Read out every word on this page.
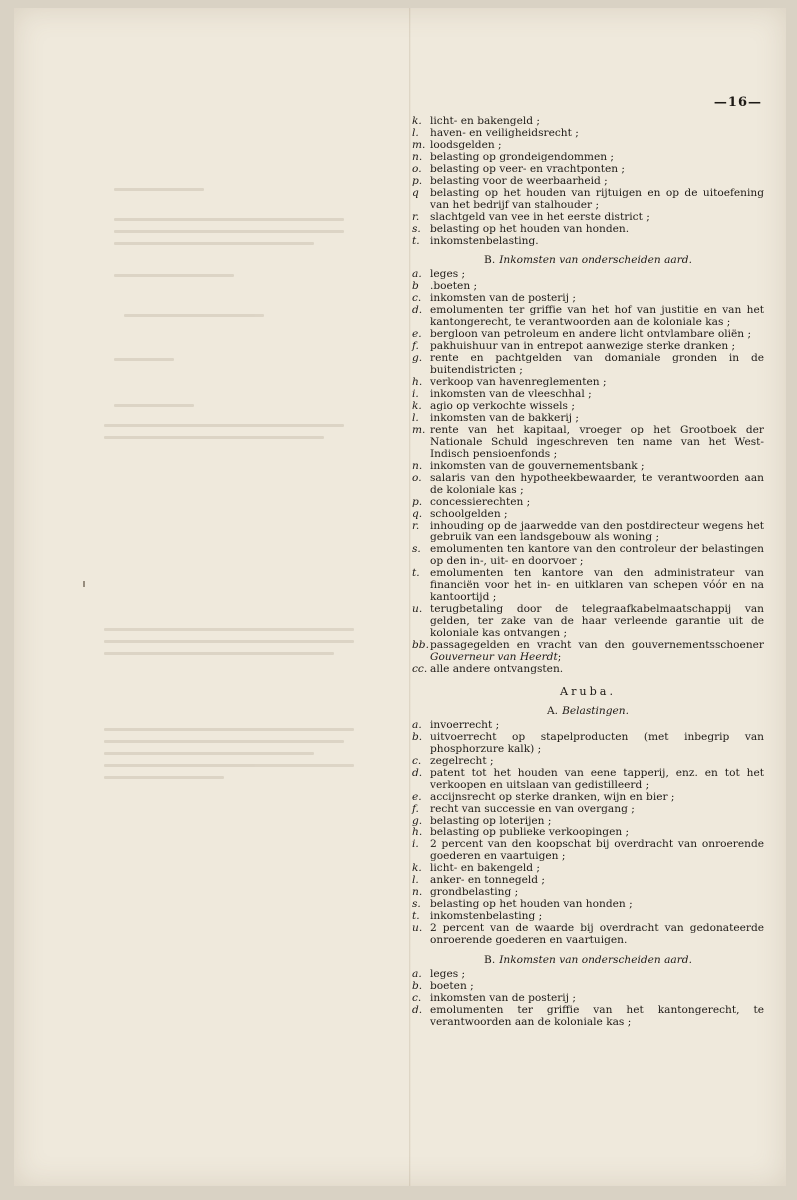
—16—
k. licht- en bakengeld ;
l. haven- en veiligheidsrecht ;
m. loodsgelden ;
n. belasting op grondeigendommen ;
o. belasting op veer- en vrachtponten ;
p. belasting voor de weerbaarheid ;
q belasting op het houden van rijtuigen en op de uitoefening van het bedrijf van stalhouder ;
r. slachtgeld van vee in het eerste district ;
s. belasting op het houden van honden.
t. inkomstenbelasting.
B. Inkomsten van onderscheiden aard.
a. leges ;
b .boeten ;
c. inkomsten van de posterij ;
d. emolumenten ter griffie van het hof van justitie en van het kantongerecht, te verantwoorden aan de koloniale kas ;
e. bergloon van petroleum en andere licht ontvlambare oliën ;
f. pakhuishuur van in entrepot aanwezige sterke dranken ;
g. rente en pachtgelden van domaniale gronden in de buitendistricten ;
h. verkoop van havenreglementen ;
i. inkomsten van de vleeschhal ;
k. agio op verkochte wissels ;
l. inkomsten van de bakkerij ;
m. rente van het kapitaal, vroeger op het Grootboek der Nationale Schuld ingeschreven ten name van het West-Indisch pensioenfonds ;
n. inkomsten van de gouvernementsbank ;
o. salaris van den hypotheekbewaarder, te verantwoorden aan de koloniale kas ;
p. concessierechten ;
q. schoolgelden ;
r. inhouding op de jaarwedde van den postdirecteur wegens het gebruik van een landsgebouw als woning ;
s. emolumenten ten kantore van den controleur der belastingen op den in-, uit- en doorvoer ;
t. emolumenten ten kantore van den administrateur van financiën voor het in- en uitklaren van schepen vóór en na kantoortijd ;
u. terugbetaling door de telegraafkabelmaatschappij van gelden, ter zake van de haar verleende garantie uit de koloniale kas ontvangen ;
bb. passagegelden en vracht van den gouvernementsschoener Gouverneur van Heerdt;
cc. alle andere ontvangsten.
Aruba.
A. Belastingen.
a. invoerrecht ;
b. uitvoerrecht op stapelproducten (met inbegrip van phosphorzure kalk) ;
c. zegelrecht ;
d. patent tot het houden van eene tapperij, enz. en tot het verkoopen en uitslaan van gedistilleerd ;
e. accijnsrecht op sterke dranken, wijn en bier ;
f. recht van successie en van overgang ;
g. belasting op loterijen ;
h. belasting op publieke verkoopingen ;
i. 2 percent van den koopschat bij overdracht van onroerende goederen en vaartuigen ;
k. licht- en bakengeld ;
l. anker- en tonnegeld ;
n. grondbelasting ;
s. belasting op het houden van honden ;
t. inkomstenbelasting ;
u. 2 percent van de waarde bij overdracht van gedonateerde onroerende goederen en vaartuigen.
B. Inkomsten van onderscheiden aard.
a. leges ;
b. boeten ;
c. inkomsten van de posterij ;
d. emolumenten ter griffie van het kantongerecht, te verantwoorden aan de koloniale kas ;
